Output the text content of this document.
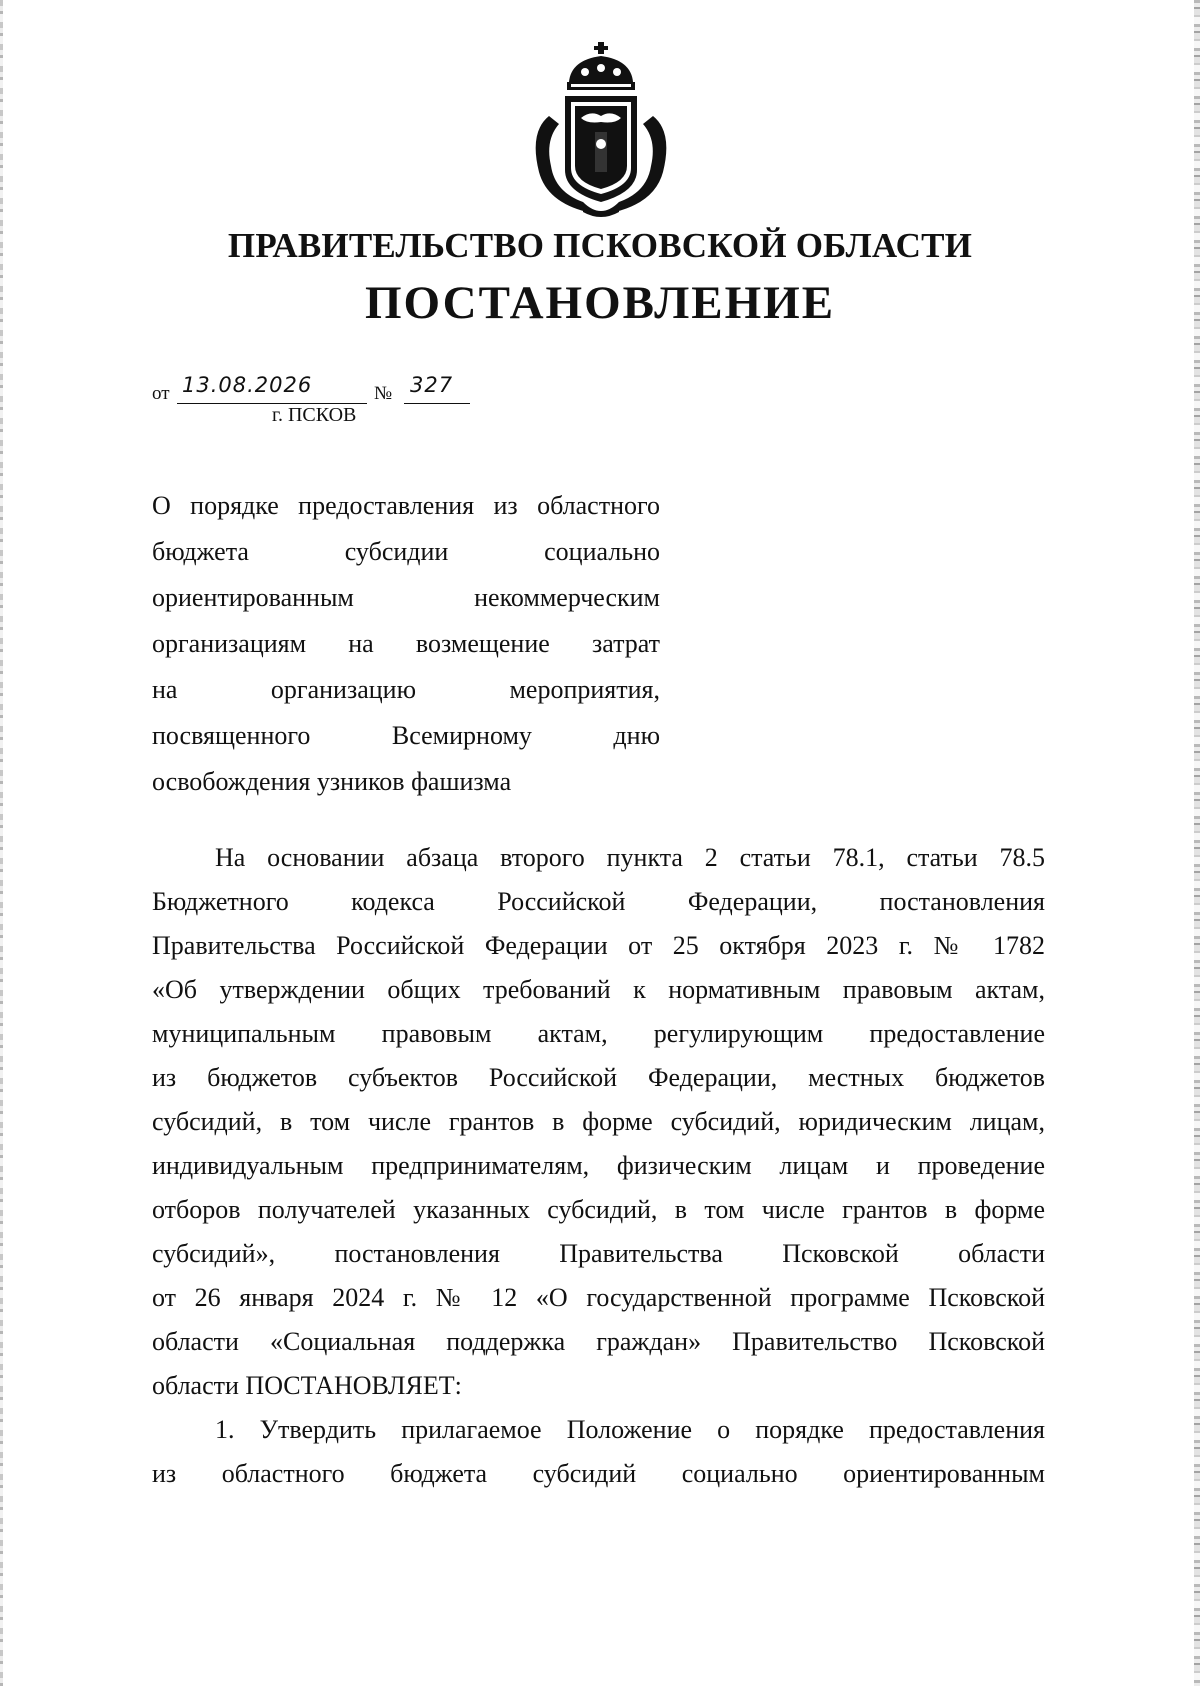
ПРАВИТЕЛЬСТВО ПСКОВСКОЙ ОБЛАСТИ
ПОСТАНОВЛЕНИЕ
от 13.08.2026	№ 327
г. ПСКОВ
О порядке предоставления из областного
бюджета субсидии социально
ориентированным некоммерческим
организациям на возмещение затрат
на организацию мероприятия,
посвященного Всемирному дню
освобождения узников фашизма
На основании абзаца второго пункта 2 статьи 78.1, статьи 78.5
Бюджетного кодекса Российской Федерации, постановления
Правительства Российской Федерации от 25 октября 2023 г. № 1782
«Об утверждении общих требований к нормативным правовым актам,
муниципальным правовым актам, регулирующим предоставление
из бюджетов субъектов Российской Федерации, местных бюджетов
субсидий, в том числе грантов в форме субсидий, юридическим лицам,
индивидуальным предпринимателям, физическим лицам и проведение
отборов получателей указанных субсидий, в том числе грантов в форме
субсидий», постановления Правительства Псковской области
от 26 января 2024 г. № 12 «О государственной программе Псковской
области «Социальная поддержка граждан» Правительство Псковской
области ПОСТАНОВЛЯЕТ:
1. Утвердить прилагаемое Положение о порядке предоставления
из областного бюджета субсидий социально ориентированным
